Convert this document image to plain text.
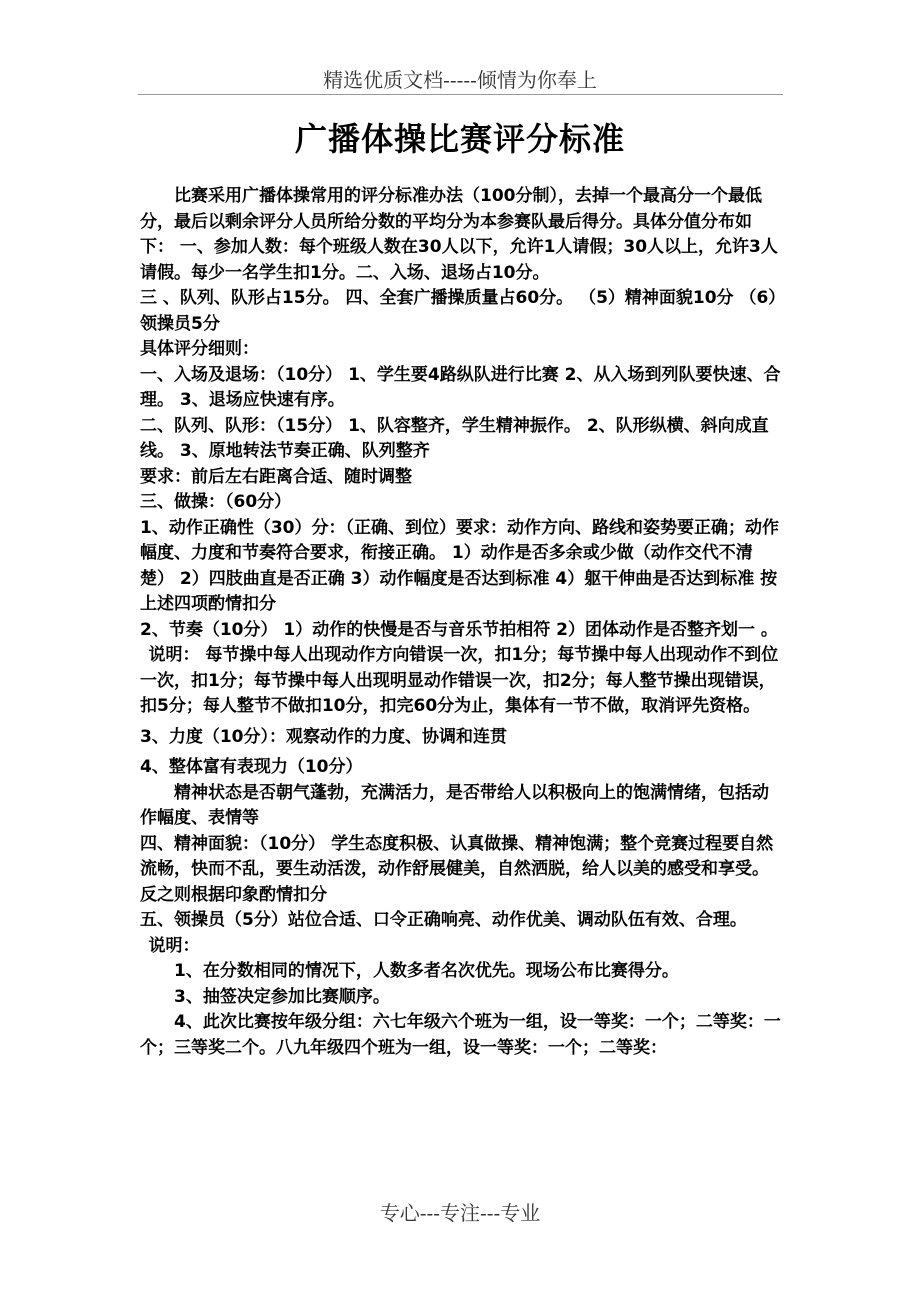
精选优质文档-----倾情为你奉上
广播体操比赛评分标准

比赛采用广播体操常用的评分标准办法（100分制），去掉一个最高分一个最低分，最后以剩余评分人员所给分数的平均分为本参赛队最后得分。具体分值分布如下： 一、参加人数：每个班级人数在30人以下，允许1人请假；30人以上，允许3人请假。每少一名学生扣1分。二、入场、退场占10分。

三 、队列、队形占15分。 四、全套广播操质量占60分。 （5）精神面貌10分 （6）领操员5分

具体评分细则：

一、入场及退场：（10分） 1、学生要4路纵队进行比赛 2、从入场到列队要快速、合理。 3、退场应快速有序。

二、队列、队形：（15分） 1、队容整齐，学生精神振作。 2、队形纵横、斜向成直线。 3、原地转法节奏正确、队列整齐

要求：前后左右距离合适、随时调整

三、做操：（60分）

1、动作正确性（30）分：（正确、到位）要求：动作方向、路线和姿势要正确；动作幅度、力度和节奏符合要求，衔接正确。 1）动作是否多余或少做（动作交代不清楚） 2）四肢曲直是否正确 3）动作幅度是否达到标准 4）躯干伸曲是否达到标准 按上述四项酌情扣分

2、节奏（10分） 1）动作的快慢是否与音乐节拍相符 2）团体动作是否整齐划一 。

说明： 每节操中每人出现动作方向错误一次，扣1分；每节操中每人出现动作不到位一次，扣1分；每节操中每人出现明显动作错误一次，扣2分；每人整节操出现错误，扣5分；每人整节不做扣10分，扣完60分为止，集体有一节不做，取消评先资格。

3、力度（10分）：观察动作的力度、协调和连贯

4、整体富有表现力（10分）

精神状态是否朝气蓬勃，充满活力，是否带给人以积极向上的饱满情绪，包括动作幅度、表情等

四、精神面貌：（10分） 学生态度积极、认真做操、精神饱满；整个竞赛过程要自然流畅，快而不乱，要生动活泼，动作舒展健美，自然洒脱，给人以美的感受和享受。反之则根据印象酌情扣分

五、领操员（5分）站位合适、口令正确响亮、动作优美、调动队伍有效、合理。

说明：

1、在分数相同的情况下，人数多者名次优先。现场公布比赛得分。

3、抽签决定参加比赛顺序。

4、此次比赛按年级分组：六七年级六个班为一组，设一等奖：一个；二等奖：一个；三等奖二个。八九年级四个班为一组，设一等奖：一个；二等奖：

专心---专注---专业
